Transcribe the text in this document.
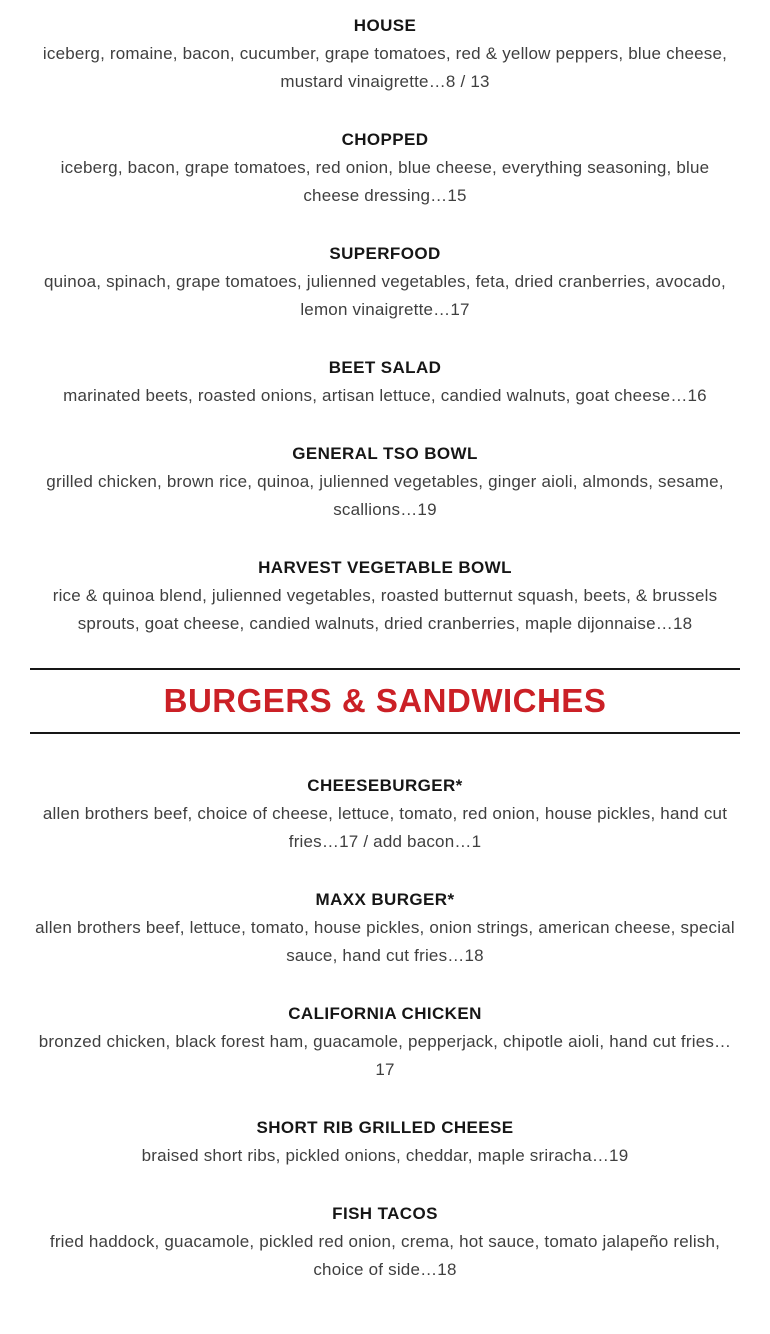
HOUSE

iceberg, romaine, bacon, cucumber, grape tomatoes, red & yellow peppers, blue cheese, mustard vinaigrette…8 / 13

CHOPPED

iceberg, bacon, grape tomatoes, red onion, blue cheese, everything seasoning, blue cheese dressing…15

SUPERFOOD

quinoa, spinach, grape tomatoes, julienned vegetables, feta, dried cranberries, avocado, lemon vinaigrette…17

BEET SALAD

marinated beets, roasted onions, artisan lettuce, candied walnuts, goat cheese…16

GENERAL TSO BOWL

grilled chicken, brown rice, quinoa, julienned vegetables, ginger aioli, almonds, sesame, scallions…19

HARVEST VEGETABLE BOWL

rice & quinoa blend, julienned vegetables, roasted butternut squash, beets, & brussels sprouts, goat cheese, candied walnuts, dried cranberries, maple dijonnaise…18

BURGERS & SANDWICHES
CHEESEBURGER*

allen brothers beef, choice of cheese, lettuce, tomato, red onion, house pickles, hand cut fries…17 / add bacon…1

MAXX BURGER*

allen brothers beef, lettuce, tomato, house pickles, onion strings, american cheese, special sauce, hand cut fries…18

CALIFORNIA CHICKEN

bronzed chicken, black forest ham, guacamole, pepperjack, chipotle aioli, hand cut fries…17

SHORT RIB GRILLED CHEESE

braised short ribs, pickled onions, cheddar, maple sriracha…19

FISH TACOS

fried haddock, guacamole, pickled red onion, crema, hot sauce, tomato jalapeño relish, choice of side…18
